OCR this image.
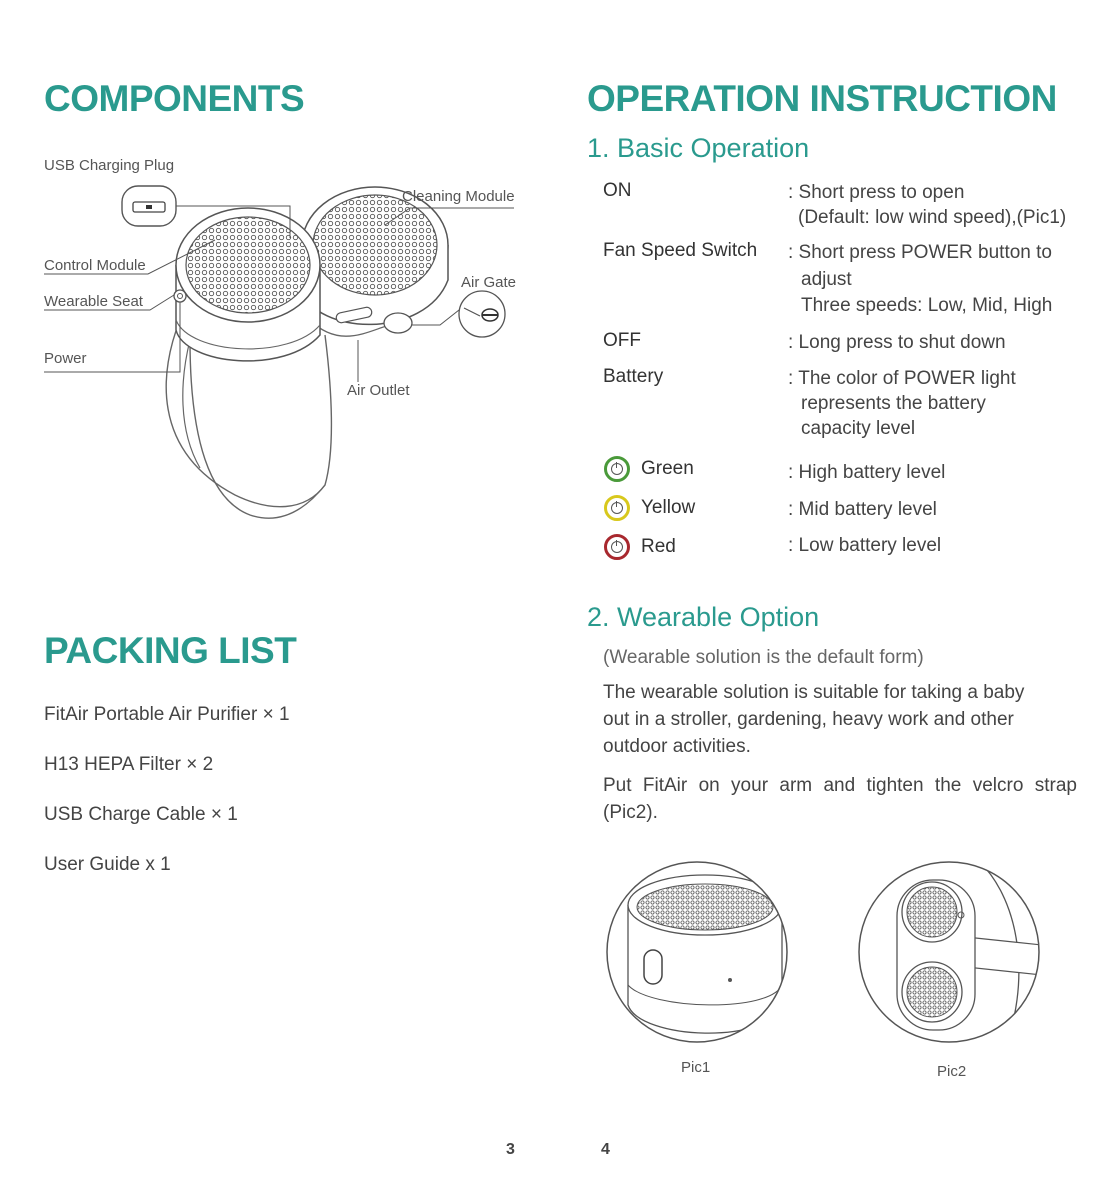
COMPONENTS
USB Charging Plug
Cleaning Module
Control Module
Air Gate
Wearable Seat
Power
Air Outlet
PACKING LIST
FitAir Portable Air Purifier × 1
H13 HEPA Filter × 2
USB Charge Cable × 1
User Guide x 1
3
OPERATION INSTRUCTION
1. Basic Operation
ON	: Short press to open
(Default: low wind speed),(Pic1)
Fan Speed Switch : Short press POWER button to
adjust
Three speeds: Low, Mid, High
OFF	: Long press to shut down
Battery	: The color of POWER light
represents the battery
capacity level
Green	: High battery level
Yellow	: Mid battery level
Red	: Low battery level
2. Wearable Option
(Wearable solution is the default form)
The wearable solution is suitable for taking a baby out in a stroller, gardening, heavy work and other outdoor activities.
Put FitAir on your arm and tighten the velcro strap (Pic2).
Pic1	Pic2
4
